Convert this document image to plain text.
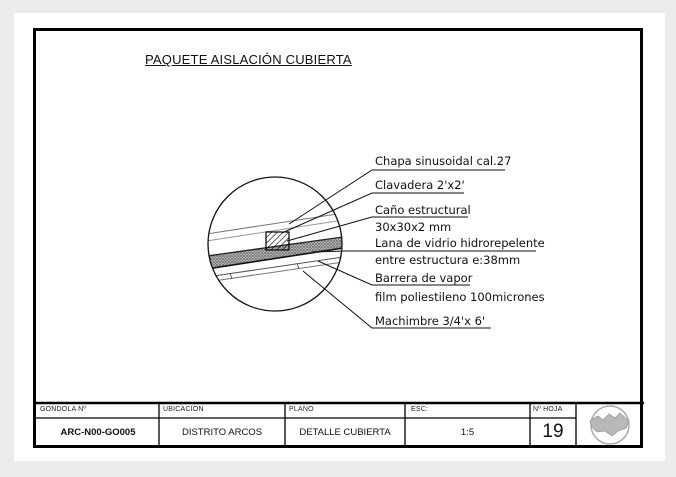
PAQUETE AISLACIÓN CUBIERTA
Chapa sinusoidal cal.27
Clavadera 2'x2'
Caño estructural
30x30x2 mm
Lana de vidrio hidrorepelente
entre estructura e:38mm
Barrera de vapor
film poliestileno 100micrones
Machimbre 3/4'x 6'
GONDOLA Nº	UBICACION	PLANO	ESC:	Nº HOJA
ARC-N00-GO005	DISTRITO ARCOS	DETALLE CUBIERTA	1:5	19
